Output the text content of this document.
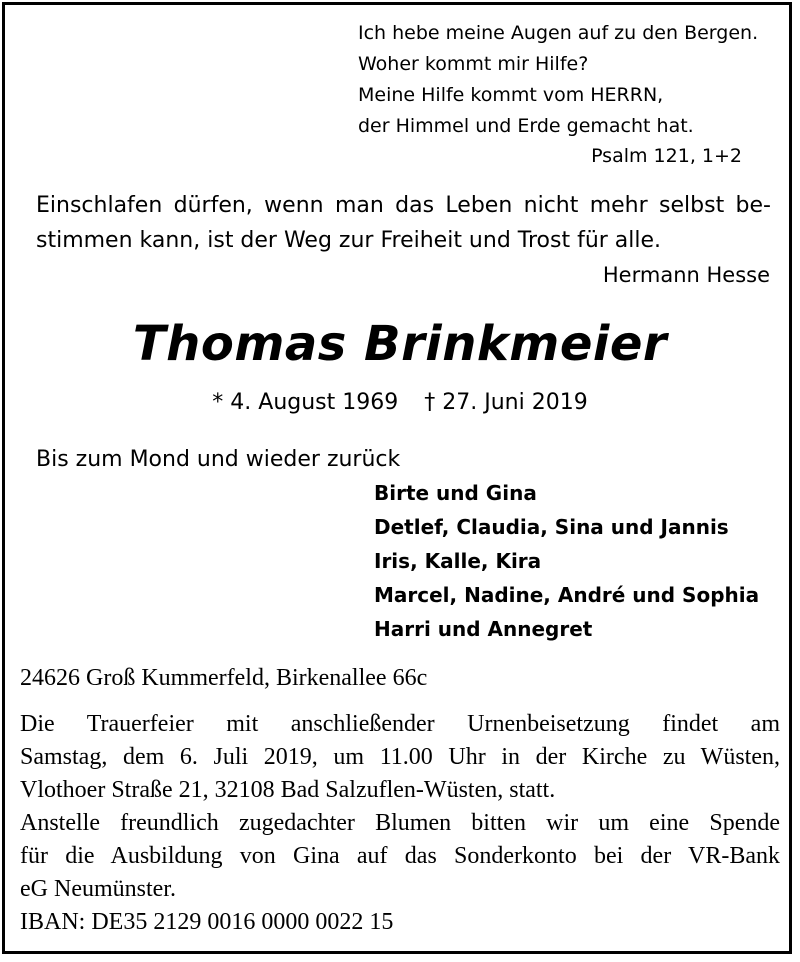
Ich hebe meine Augen auf zu den Bergen.
Woher kommt mir Hilfe?
Meine Hilfe kommt vom HERRN,
der Himmel und Erde gemacht hat.
Psalm 121, 1+2
Einschlafen dürfen, wenn man das Leben nicht mehr selbst be-
stimmen kann, ist der Weg zur Freiheit und Trost für alle.
Hermann Hesse
Thomas Brinkmeier
* 4. August 1969 † 27. Juni 2019
Bis zum Mond und wieder zurück
Birte und Gina
Detlef, Claudia, Sina und Jannis
Iris, Kalle, Kira
Marcel, Nadine, André und Sophia
Harri und Annegret
24626 Groß Kummerfeld, Birkenallee 66c
Die Trauerfeier mit anschließender Urnenbeisetzung findet am
Samstag, dem 6. Juli 2019, um 11.00 Uhr in der Kirche zu Wüsten,
Vlothoer Straße 21, 32108 Bad Salzuflen-Wüsten, statt.
Anstelle freundlich zugedachter Blumen bitten wir um eine Spende
für die Ausbildung von Gina auf das Sonderkonto bei der VR-Bank
eG Neumünster.
IBAN: DE35 2129 0016 0000 0022 15
